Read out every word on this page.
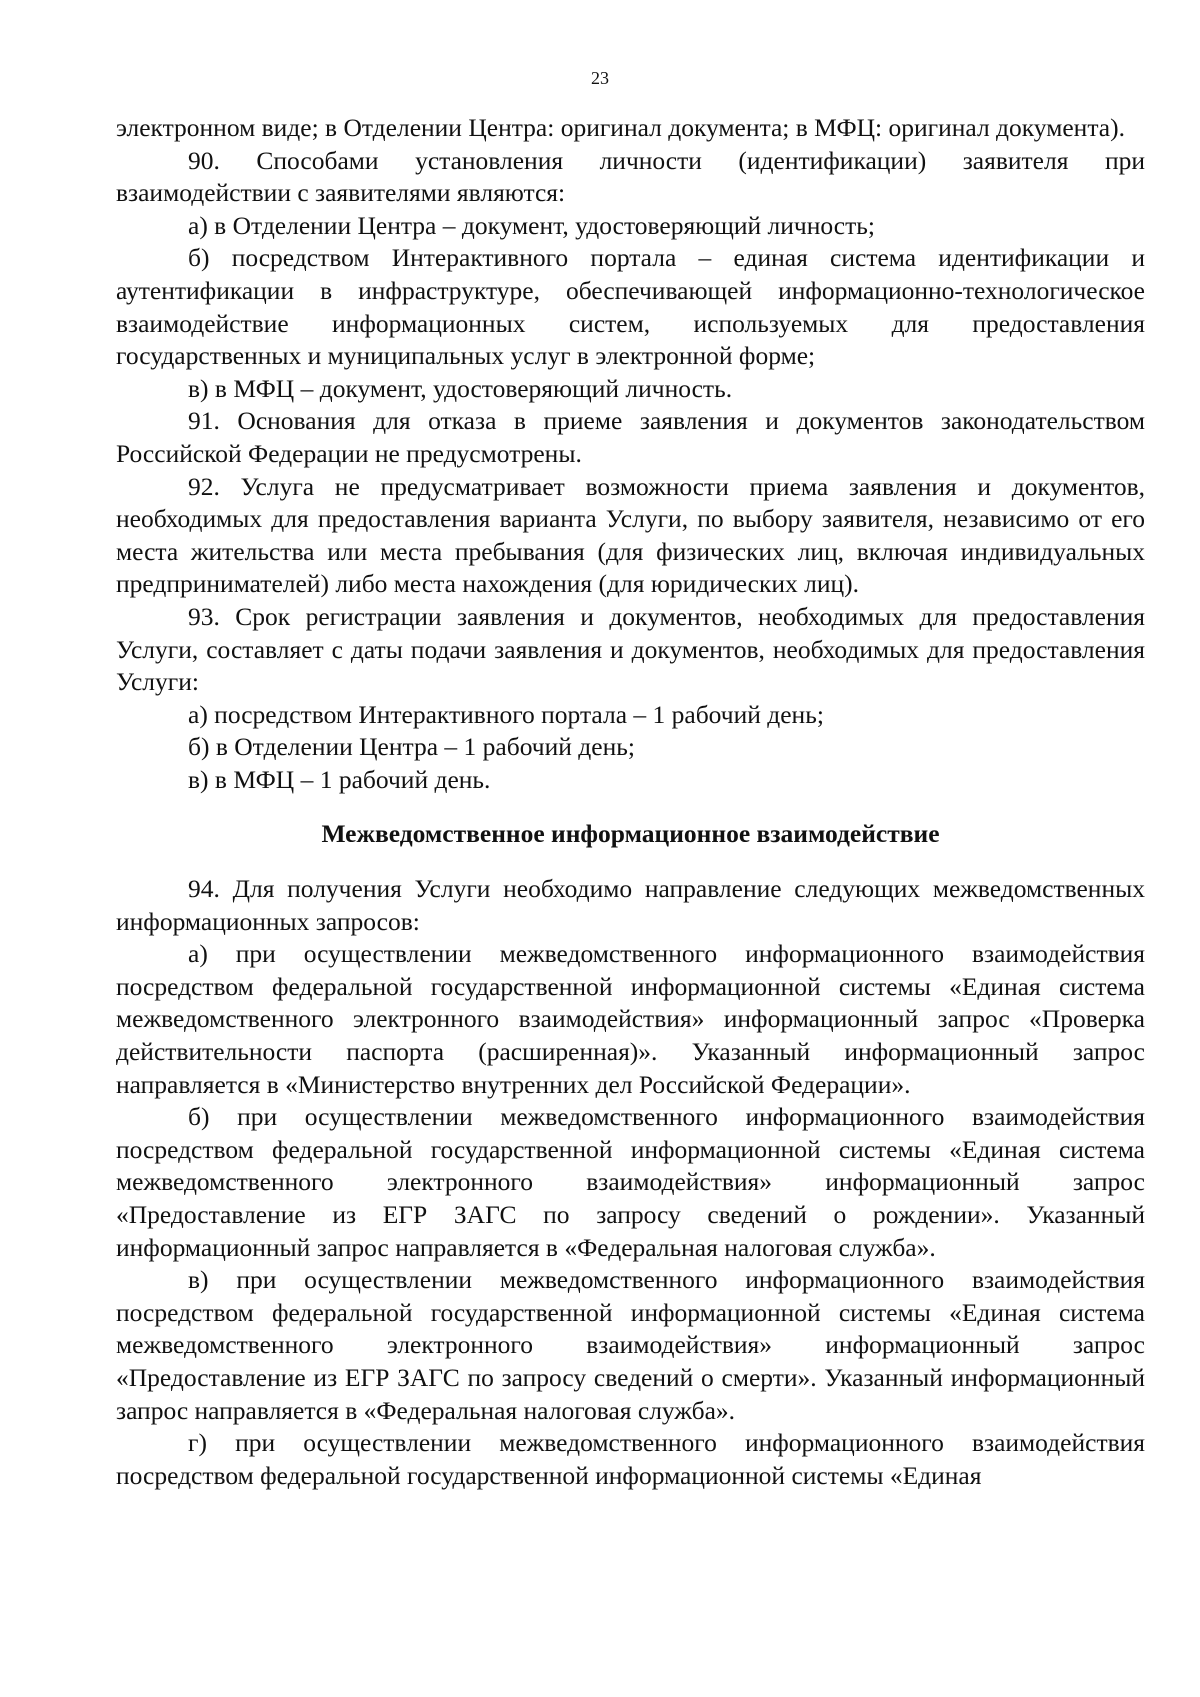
23

электронном виде; в Отделении Центра: оригинал документа; в МФЦ: оригинал документа).

90. Способами установления личности (идентификации) заявителя при взаимодействии с заявителями являются:

а) в Отделении Центра – документ, удостоверяющий личность;

б) посредством Интерактивного портала – единая система идентификации и аутентификации в инфраструктуре, обеспечивающей информационно-технологическое взаимодействие информационных систем, используемых для предоставления государственных и муниципальных услуг в электронной форме;

в) в МФЦ – документ, удостоверяющий личность.

91. Основания для отказа в приеме заявления и документов законодательством Российской Федерации не предусмотрены.

92. Услуга не предусматривает возможности приема заявления и документов, необходимых для предоставления варианта Услуги, по выбору заявителя, независимо от его места жительства или места пребывания (для физических лиц, включая индивидуальных предпринимателей) либо места нахождения (для юридических лиц).

93. Срок регистрации заявления и документов, необходимых для предоставления Услуги, составляет с даты подачи заявления и документов, необходимых для предоставления Услуги:

а) посредством Интерактивного портала – 1 рабочий день;

б) в Отделении Центра – 1 рабочий день;

в) в МФЦ – 1 рабочий день.

Межведомственное информационное взаимодействие

94. Для получения Услуги необходимо направление следующих межведомственных информационных запросов:

а) при осуществлении межведомственного информационного взаимодействия посредством федеральной государственной информационной системы «Единая система межведомственного электронного взаимодействия» информационный запрос «Проверка действительности паспорта (расширенная)». Указанный информационный запрос направляется в «Министерство внутренних дел Российской Федерации».

б) при осуществлении межведомственного информационного взаимодействия посредством федеральной государственной информационной системы «Единая система межведомственного электронного взаимодействия» информационный запрос «Предоставление из ЕГР ЗАГС по запросу сведений о рождении». Указанный информационный запрос направляется в «Федеральная налоговая служба».

в) при осуществлении межведомственного информационного взаимодействия посредством федеральной государственной информационной системы «Единая система межведомственного электронного взаимодействия» информационный запрос «Предоставление из ЕГР ЗАГС по запросу сведений о смерти». Указанный информационный запрос направляется в «Федеральная налоговая служба».

г) при осуществлении межведомственного информационного взаимодействия посредством федеральной государственной информационной системы «Единая
